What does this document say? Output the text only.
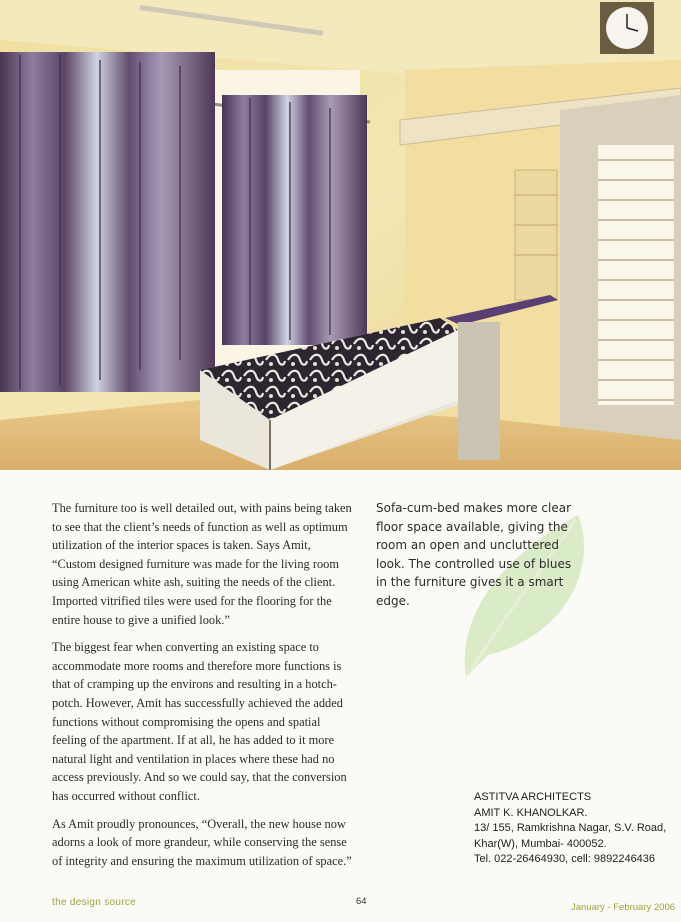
The furniture too is well detailed out, with pains being taken to see that the client’s needs of function as well as optimum utilization of the interior spaces is taken. Says Amit, “Custom designed furniture was made for the living room using American white ash, suiting the needs of the client. Imported vitrified tiles were used for the flooring for the entire house to give a unified look.”

The biggest fear when converting an existing space to accommodate more rooms and therefore more functions is that of cramping up the environs and resulting in a hotch-potch. However, Amit has successfully achieved the added functions without compromising the opens and spatial feeling of the apartment. If at all, he has added to it more natural light and ventilation in places where these had no access previously. And so we could say, that the conversion has occurred without conflict.

As Amit proudly pronounces, “Overall, the new house now adorns a look of more grandeur, while conserving the sense of integrity and ensuring the maximum utilization of space.”

Sofa-cum-bed makes more clear floor space available, giving the room an open and uncluttered look. The controlled use of blues in the furniture gives it a smart edge.
ASTITVA ARCHITECTS
AMIT K. KHANOLKAR.
13/ 155, Ramkrishna Nagar, S.V. Road,
Khar(W), Mumbai- 400052.
Tel. 022-26464930, cell: 9892246436
the design source	64
January - February 2006
